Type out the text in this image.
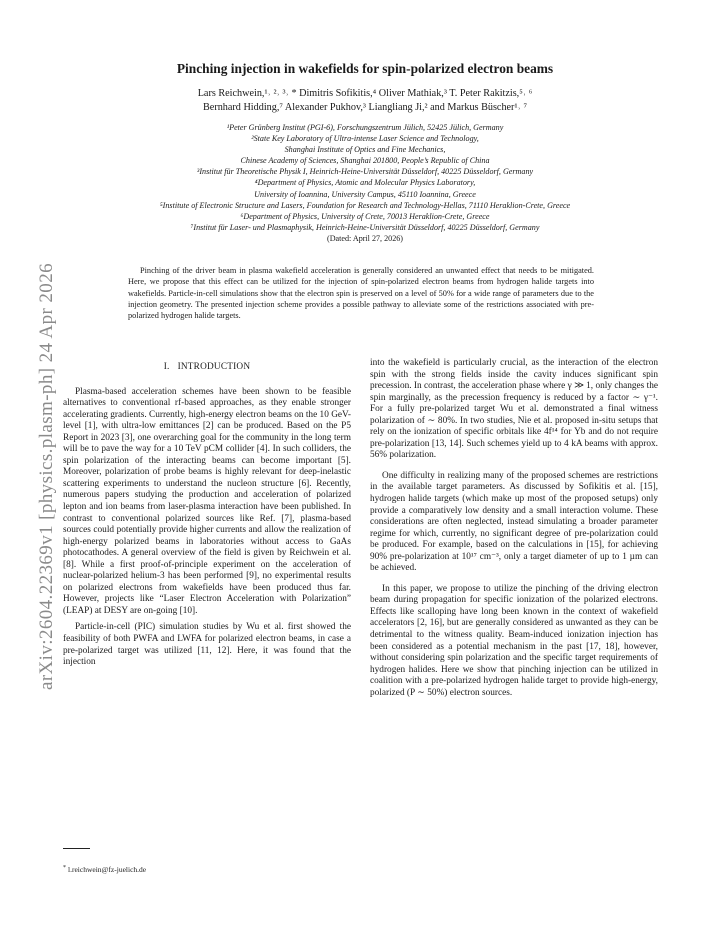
arXiv:2604.22369v1 [physics.plasm-ph] 24 Apr 2026
Pinching injection in wakefields for spin-polarized electron beams
Lars Reichwein,¹˒ ²˒ ³˒ * Dimitris Sofikitis,⁴ Oliver Mathiak,³ T. Peter Rakitzis,⁵˒ ⁶
Bernhard Hidding,⁷ Alexander Pukhov,³ Liangliang Ji,² and Markus Büscher¹˒ ⁷
¹Peter Grünberg Institut (PGI-6), Forschungszentrum Jülich, 52425 Jülich, Germany
²State Key Laboratory of Ultra-intense Laser Science and Technology,
Shanghai Institute of Optics and Fine Mechanics,
Chinese Academy of Sciences, Shanghai 201800, People’s Republic of China
³Institut für Theoretische Physik I, Heinrich-Heine-Universität Düsseldorf, 40225 Düsseldorf, Germany
⁴Department of Physics, Atomic and Molecular Physics Laboratory,
University of Ioannina, University Campus, 45110 Ioannina, Greece
⁵Institute of Electronic Structure and Lasers, Foundation for Research and Technology-Hellas, 71110 Heraklion-Crete, Greece
⁶Department of Physics, University of Crete, 70013 Heraklion-Crete, Greece
⁷Institut für Laser- und Plasmaphysik, Heinrich-Heine-Universität Düsseldorf, 40225 Düsseldorf, Germany
(Dated: April 27, 2026)

Pinching of the driver beam in plasma wakefield acceleration is generally considered an unwanted effect that needs to be mitigated. Here, we propose that this effect can be utilized for the injection of spin-polarized electron beams from hydrogen halide targets into wakefields. Particle-in-cell simulations show that the electron spin is preserved on a level of 50% for a wide range of parameters due to the injection geometry. The presented injection scheme provides a possible pathway to alleviate some of the restrictions associated with pre-polarized hydrogen halide targets.

I. INTRODUCTION

Plasma-based acceleration schemes have been shown to be feasible alternatives to conventional rf-based approaches, as they enable stronger accelerating gradients. Currently, high-energy electron beams on the 10 GeV-level [1], with ultra-low emittances [2] can be produced. Based on the P5 Report in 2023 [3], one overarching goal for the community in the long term will be to pave the way for a 10 TeV pCM collider [4]. In such colliders, the spin polarization of the interacting beams can become important [5]. Moreover, polarization of probe beams is highly relevant for deep-inelastic scattering experiments to understand the nucleon structure [6]. Recently, numerous papers studying the production and acceleration of polarized lepton and ion beams from laser-plasma interaction have been published. In contrast to conventional polarized sources like Ref. [7], plasma-based sources could potentially provide higher currents and allow the realization of high-energy polarized beams in laboratories without access to GaAs photocathodes. A general overview of the field is given by Reichwein et al. [8]. While a first proof-of-principle experiment on the acceleration of nuclear-polarized helium-3 has been performed [9], no experimental results on polarized electrons from wakefields have been produced thus far. However, projects like “Laser Electron Acceleration with Polarization” (LEAP) at DESY are on-going [10].

Particle-in-cell (PIC) simulation studies by Wu et al. first showed the feasibility of both PWFA and LWFA for polarized electron beams, in case a pre-polarized target was utilized [11, 12]. Here, it was found that the injection

into the wakefield is particularly crucial, as the interaction of the electron spin with the strong fields inside the cavity induces significant spin precession. In contrast, the acceleration phase where γ ≫ 1, only changes the spin marginally, as the precession frequency is reduced by a factor ∼ γ⁻¹. For a fully pre-polarized target Wu et al. demonstrated a final witness polarization of ∼ 80%. In two studies, Nie et al. proposed in-situ setups that rely on the ionization of specific orbitals like 4f¹⁴ for Yb and do not require pre-polarization [13, 14]. Such schemes yield up to 4 kA beams with approx. 56% polarization.

One difficulty in realizing many of the proposed schemes are restrictions in the available target parameters. As discussed by Sofikitis et al. [15], hydrogen halide targets (which make up most of the proposed setups) only provide a comparatively low density and a small interaction volume. These considerations are often neglected, instead simulating a broader parameter regime for which, currently, no significant degree of pre-polarization could be produced. For example, based on the calculations in [15], for achieving 90% pre-polarization at 10¹⁷ cm⁻³, only a target diameter of up to 1 µm can be achieved.

In this paper, we propose to utilize the pinching of the driving electron beam during propagation for specific ionization of the polarized electrons. Effects like scalloping have long been known in the context of wakefield accelerators [2, 16], but are generally considered as unwanted as they can be detrimental to the witness quality. Beam-induced ionization injection has been considered as a potential mechanism in the past [17, 18], however, without considering spin polarization and the specific target requirements of hydrogen halides. Here we show that pinching injection can be utilized in coalition with a pre-polarized hydrogen halide target to provide high-energy, polarized (P ∼ 50%) electron sources.

* l.reichwein@fz-juelich.de
